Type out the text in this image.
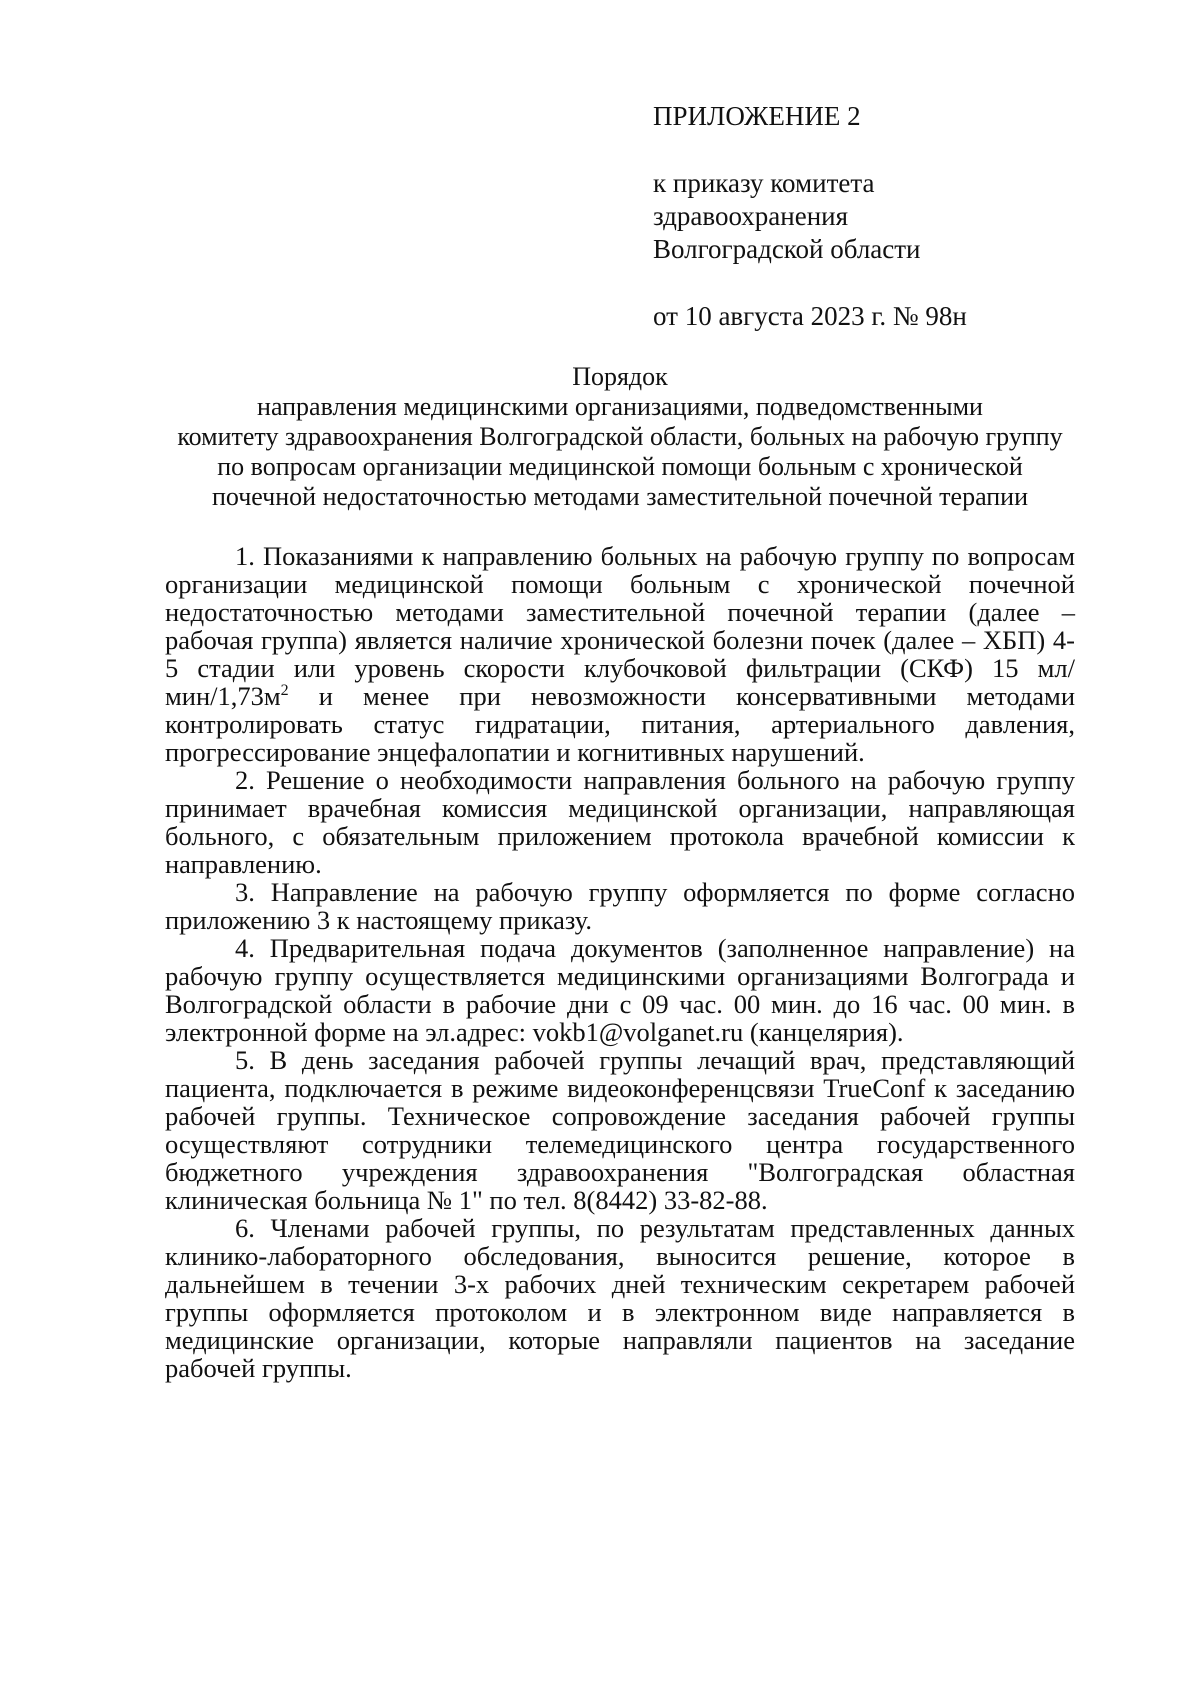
ПРИЛОЖЕНИЕ 2
к приказу комитета
здравоохранения
Волгоградской области
от 10 августа 2023 г. № 98н
Порядок
направления медицинскими организациями, подведомственными
комитету здравоохранения Волгоградской области, больных на рабочую группу
по вопросам организации медицинской помощи больным с хронической
почечной недостаточностью методами заместительной почечной терапии

1. Показаниями к направлению больных на рабочую группу по вопросам организации медицинской помощи больным с хронической почечной недостаточностью методами заместительной почечной терапии (далее – рабочая группа) является наличие хронической болезни почек (далее – ХБП) 4-5 стадии или уровень скорости клубочковой фильтрации (СКФ) 15 $мл/мин/1,73м^2$ и менее при невозможности консервативными методами контролировать статус гидратации, питания, артериального давления, прогрессирование энцефалопатии и когнитивных нарушений.

2. Решение о необходимости направления больного на рабочую группу принимает врачебная комиссия медицинской организации, направляющая больного, с обязательным приложением протокола врачебной комиссии к направлению.

3. Направление на рабочую группу оформляется по форме согласно приложению 3 к настоящему приказу.

4. Предварительная подача документов (заполненное направление) на рабочую группу осуществляется медицинскими организациями Волгограда и Волгоградской области в рабочие дни с 09 час. 00 мин. до 16 час. 00 мин. в электронной форме на эл.адрес: vokb1@volganet.ru (канцелярия).

5. В день заседания рабочей группы лечащий врач, представляющий пациента, подключается в режиме видеоконференцсвязи TrueConf к заседанию рабочей группы. Техническое сопровождение заседания рабочей группы осуществляют сотрудники телемедицинского центра государственного бюджетного учреждения здравоохранения "Волгоградская областная клиническая больница № 1" по тел. 8(8442) 33-82-88.

6. Членами рабочей группы, по результатам представленных данных клинико-лабораторного обследования, выносится решение, которое в дальнейшем в течении 3-х рабочих дней техническим секретарем рабочей группы оформляется протоколом и в электронном виде направляется в медицинские организации, которые направляли пациентов на заседание рабочей группы.
